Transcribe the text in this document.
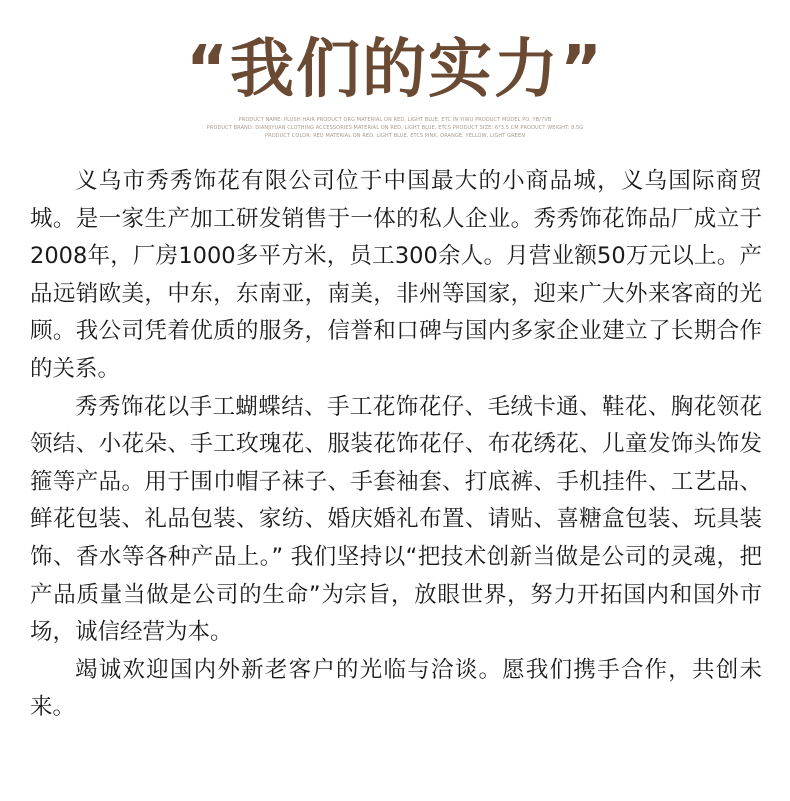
“我们的实力”
PRODUCT NAME: PLUSH HAIR PRODUCT ORG MATERIAL ON RED, LIGHT BLUE, ETC IN YIWU PRODUCT MODEL PO. YB/7VB
PRODUCT BRAND: DIANJIYUAN CLOTHING ACCESSORIES MATERIAL ON RED, LIGHT BLUE, ETCS PRODUCT SIZE: 6*3.5 CM PRODUCT WEIGHT: 8.5G
PRODUCT COLOR: RED MATERIAL ON RED, LIGHT BLUE, ETCS PINK, ORANGE, YELLOW, LIGHT GREEN

义乌市秀秀饰花有限公司位于中国最大的小商品城，义乌国际商贸城。是一家生产加工研发销售于一体的私人企业。秀秀饰花饰品厂成立于2008年，厂房1000多平方米，员工300余人。月营业额50万元以上。产品远销欧美，中东，东南亚，南美，非州等国家，迎来广大外来客商的光顾。我公司凭着优质的服务，信誉和口碑与国内多家企业建立了长期合作的关系。

秀秀饰花以手工蝴蝶结、手工花饰花仔、毛绒卡通、鞋花、胸花领花领结、小花朵、手工玫瑰花、服装花饰花仔、布花绣花、儿童发饰头饰发箍等产品。用于围巾帽子袜子、手套袖套、打底裤、手机挂件、工艺品、鲜花包装、礼品包装、家纺、婚庆婚礼布置、请贴、喜糖盒包装、玩具装饰、香水等各种产品上。” 我们坚持以“把技术创新当做是公司的灵魂，把产品质量当做是公司的生命”为宗旨，放眼世界，努力开拓国内和国外市场，诚信经营为本。

竭诚欢迎国内外新老客户的光临与洽谈。愿我们携手合作，共创未来。
